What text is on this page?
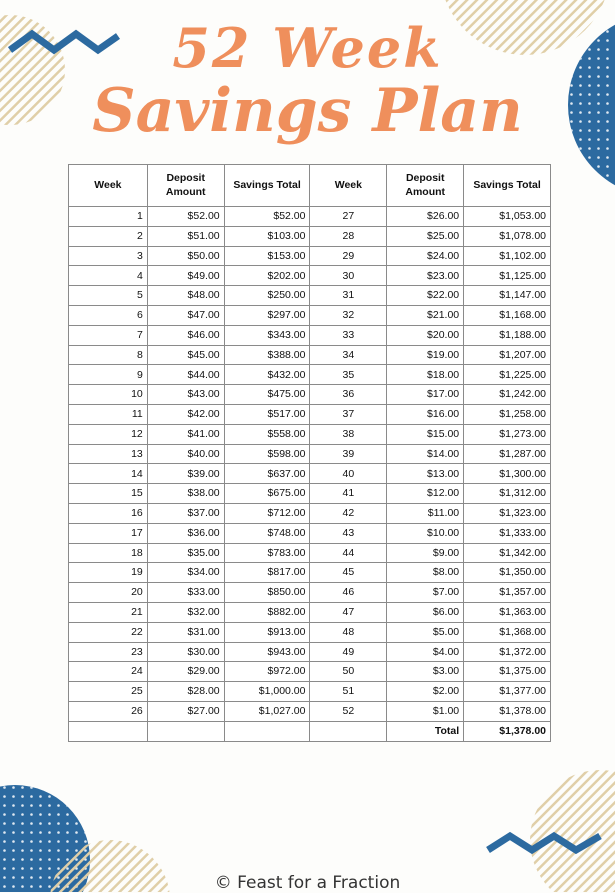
52 Week
Savings Plan
Week	Deposit Amount	Savings Total	Week	Deposit Amount	Savings Total
1	$52.00	$52.00	27	$26.00	$1,053.00
2	$51.00	$103.00	28	$25.00	$1,078.00
3	$50.00	$153.00	29	$24.00	$1,102.00
4	$49.00	$202.00	30	$23.00	$1,125.00
5	$48.00	$250.00	31	$22.00	$1,147.00
6	$47.00	$297.00	32	$21.00	$1,168.00
7	$46.00	$343.00	33	$20.00	$1,188.00
8	$45.00	$388.00	34	$19.00	$1,207.00
9	$44.00	$432.00	35	$18.00	$1,225.00
10	$43.00	$475.00	36	$17.00	$1,242.00
11	$42.00	$517.00	37	$16.00	$1,258.00
12	$41.00	$558.00	38	$15.00	$1,273.00
13	$40.00	$598.00	39	$14.00	$1,287.00
14	$39.00	$637.00	40	$13.00	$1,300.00
15	$38.00	$675.00	41	$12.00	$1,312.00
16	$37.00	$712.00	42	$11.00	$1,323.00
17	$36.00	$748.00	43	$10.00	$1,333.00
18	$35.00	$783.00	44	$9.00	$1,342.00
19	$34.00	$817.00	45	$8.00	$1,350.00
20	$33.00	$850.00	46	$7.00	$1,357.00
21	$32.00	$882.00	47	$6.00	$1,363.00
22	$31.00	$913.00	48	$5.00	$1,368.00
23	$30.00	$943.00	49	$4.00	$1,372.00
24	$29.00	$972.00	50	$3.00	$1,375.00
25	$28.00	$1,000.00	51	$2.00	$1,377.00
26	$27.00	$1,027.00	52	$1.00	$1,378.00
				Total	$1,378.00
© Feast for a Fraction
